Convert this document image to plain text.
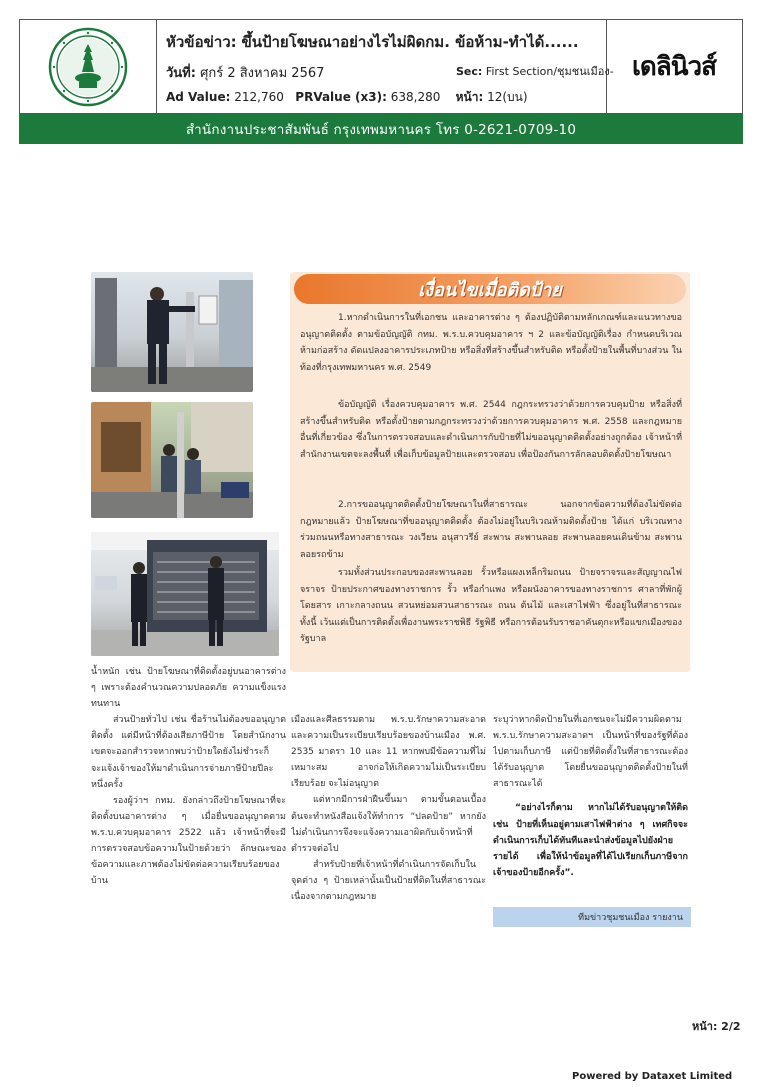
หัวข้อข่าว: ขึ้นป้ายโฆษณาอย่างไรไม่ผิดกม. ข้อห้าม-ทำได้......
วันที่: ศุกร์ 2 สิงหาคม 2567	Sec: First Section/ชุมชนเมือง-
Ad Value: 212,760 PRValue (x3): 638,280 หน้า: 12(บน)
เดลินิวส์
สำนักงานประชาสัมพันธ์ กรุงเทพมหานคร โทร 0-2621-0709-10
เงื่อนไขเมื่อติดป้าย
1.หากดำเนินการในที่เอกชน และอาคารต่าง ๆ ต้องปฏิบัติตามหลักเกณฑ์และแนวทางขออนุญาตติดตั้ง ตามข้อบัญญัติ กทม. พ.ร.บ.ควบคุมอาคาร ฯ 2 และข้อบัญญัติเรื่อง กำหนดบริเวณห้ามก่อสร้าง ดัดแปลงอาคารประเภทป้าย หรือสิ่งที่สร้างขึ้นสำหรับติด หรือตั้งป้ายในพื้นที่บางส่วน ในท้องที่กรุงเทพมหานคร พ.ศ. 2549
ข้อบัญญัติ เรื่องควบคุมอาคาร พ.ศ. 2544 กฎกระทรวงว่าด้วยการควบคุมป้าย หรือสิ่งที่สร้างขึ้นสำหรับติด หรือตั้งป้ายตามกฎกระทรวงว่าด้วยการควบคุมอาคาร พ.ศ. 2558 และกฎหมายอื่นที่เกี่ยวข้อง ซึ่งในการตรวจสอบและดำเนินการกับป้ายที่ไม่ขออนุญาตติดตั้งอย่างถูกต้อง เจ้าหน้าที่สำนักงานเขตจะลงพื้นที่ เพื่อเก็บข้อมูลป้ายและตรวจสอบ เพื่อป้องกันการลักลอบติดตั้งป้ายโฆษณา
2.การขออนุญาตติดตั้งป้ายโฆษณาในที่สาธารณะ นอกจากข้อความที่ต้องไม่ขัดต่อกฎหมายแล้ว ป้ายโฆษณาที่ขออนุญาตติดตั้ง ต้องไม่อยู่ในบริเวณห้ามติดตั้งป้าย ได้แก่ บริเวณทางร่วมถนนหรือทางสาธารณะ วงเวียน อนุสาวรีย์ สะพาน สะพานลอย สะพานลอยคนเดินข้าม สะพานลอยรถข้าม
รวมทั้งส่วนประกอบของสะพานลอย รั้วหรือแผงเหล็กริมถนน ป้ายจราจรและสัญญาณไฟจราจร ป้ายประกาศของทางราชการ รั้ว หรือกำแพง หรือผนังอาคารของทางราชการ ศาลาที่พักผู้โดยสาร เกาะกลางถนน สวนหย่อมสวนสาธารณะ ถนน ต้นไม้ และเสาไฟฟ้า ซึ่งอยู่ในที่สาธารณะ ทั้งนี้ เว้นแต่เป็นการติดตั้งเพื่องานพระราชพิธี รัฐพิธี หรือการต้อนรับราชอาคันตุกะหรือแขกเมืองของรัฐบาล

น้ำหนัก เช่น ป้ายโฆษณาที่ติดตั้งอยู่บนอาคารต่าง ๆ เพราะต้องคำนวณความปลอดภัย ความแข็งแรงทนทาน

ส่วนป้ายทั่วไป เช่น ชื่อร้านไม่ต้องขออนุญาตติดตั้ง แต่มีหน้าที่ต้องเสียภาษีป้าย โดยสำนักงานเขตจะออกสำรวจหากพบว่าป้ายใดยังไม่ชำระก็จะแจ้งเจ้าของให้มาดำเนินการจ่ายภาษีป้ายปีละหนึ่งครั้ง

รองผู้ว่าฯ กทม. ยังกล่าวถึงป้ายโฆษณาที่จะติดตั้งบนอาคารต่าง ๆ เมื่อยื่นขออนุญาตตาม พ.ร.บ.ควบคุมอาคาร 2522 แล้ว เจ้าหน้าที่จะมีการตรวจสอบข้อความในป้ายด้วยว่า ลักษณะของข้อความและภาพต้องไม่ขัดต่อความเรียบร้อยของบ้าน

เมืองและศีลธรรมตาม พ.ร.บ.รักษาความสะอาดและความเป็นระเบียบเรียบร้อยของบ้านเมือง พ.ศ. 2535 มาตรา 10 และ 11 หากพบมีข้อความที่ไม่เหมาะสม อาจก่อให้เกิดความไม่เป็นระเบียบเรียบร้อย จะไม่อนุญาต

แต่หากมีการฝ่าฝืนขึ้นมา ตามขั้นตอนเบื้องต้นจะทำหนังสือแจ้งให้ทำการ “ปลดป้าย” หากยังไม่ดำเนินการจึงจะแจ้งความเอาผิดกับเจ้าหน้าที่ตำรวจต่อไป

สำหรับป้ายที่เจ้าหน้าที่ดำเนินการจัดเก็บในจุดต่าง ๆ ป้ายเหล่านั้นเป็นป้ายที่ติดในที่สาธารณะ เนื่องจากตามกฎหมาย

ระบุว่าหากติดป้ายในที่เอกชนจะไม่มีความผิดตาม พ.ร.บ.รักษาความสะอาดฯ เป็นหน้าที่ของรัฐที่ต้องไปตามเก็บภาษี แต่ป้ายที่ติดตั้งในที่สาธารณะต้องได้รับอนุญาต โดยยื่นขออนุญาตติดตั้งป้ายในที่สาธารณะได้

“อย่างไรก็ตาม หากไม่ได้รับอนุญาตให้ติด เช่น ป้ายที่เห็นอยู่ตามเสาไฟฟ้าต่าง ๆ เทศกิจจะดำเนินการเก็บได้ทันทีและนำส่งข้อมูลไปยังฝ่ายรายได้ เพื่อให้นำข้อมูลที่ได้ไปเรียกเก็บภาษีจากเจ้าของป้ายอีกครั้ง”.

ทีมข่าวชุมชนเมือง รายงาน
หน้า: 2/2
Powered by Dataxet Limited
